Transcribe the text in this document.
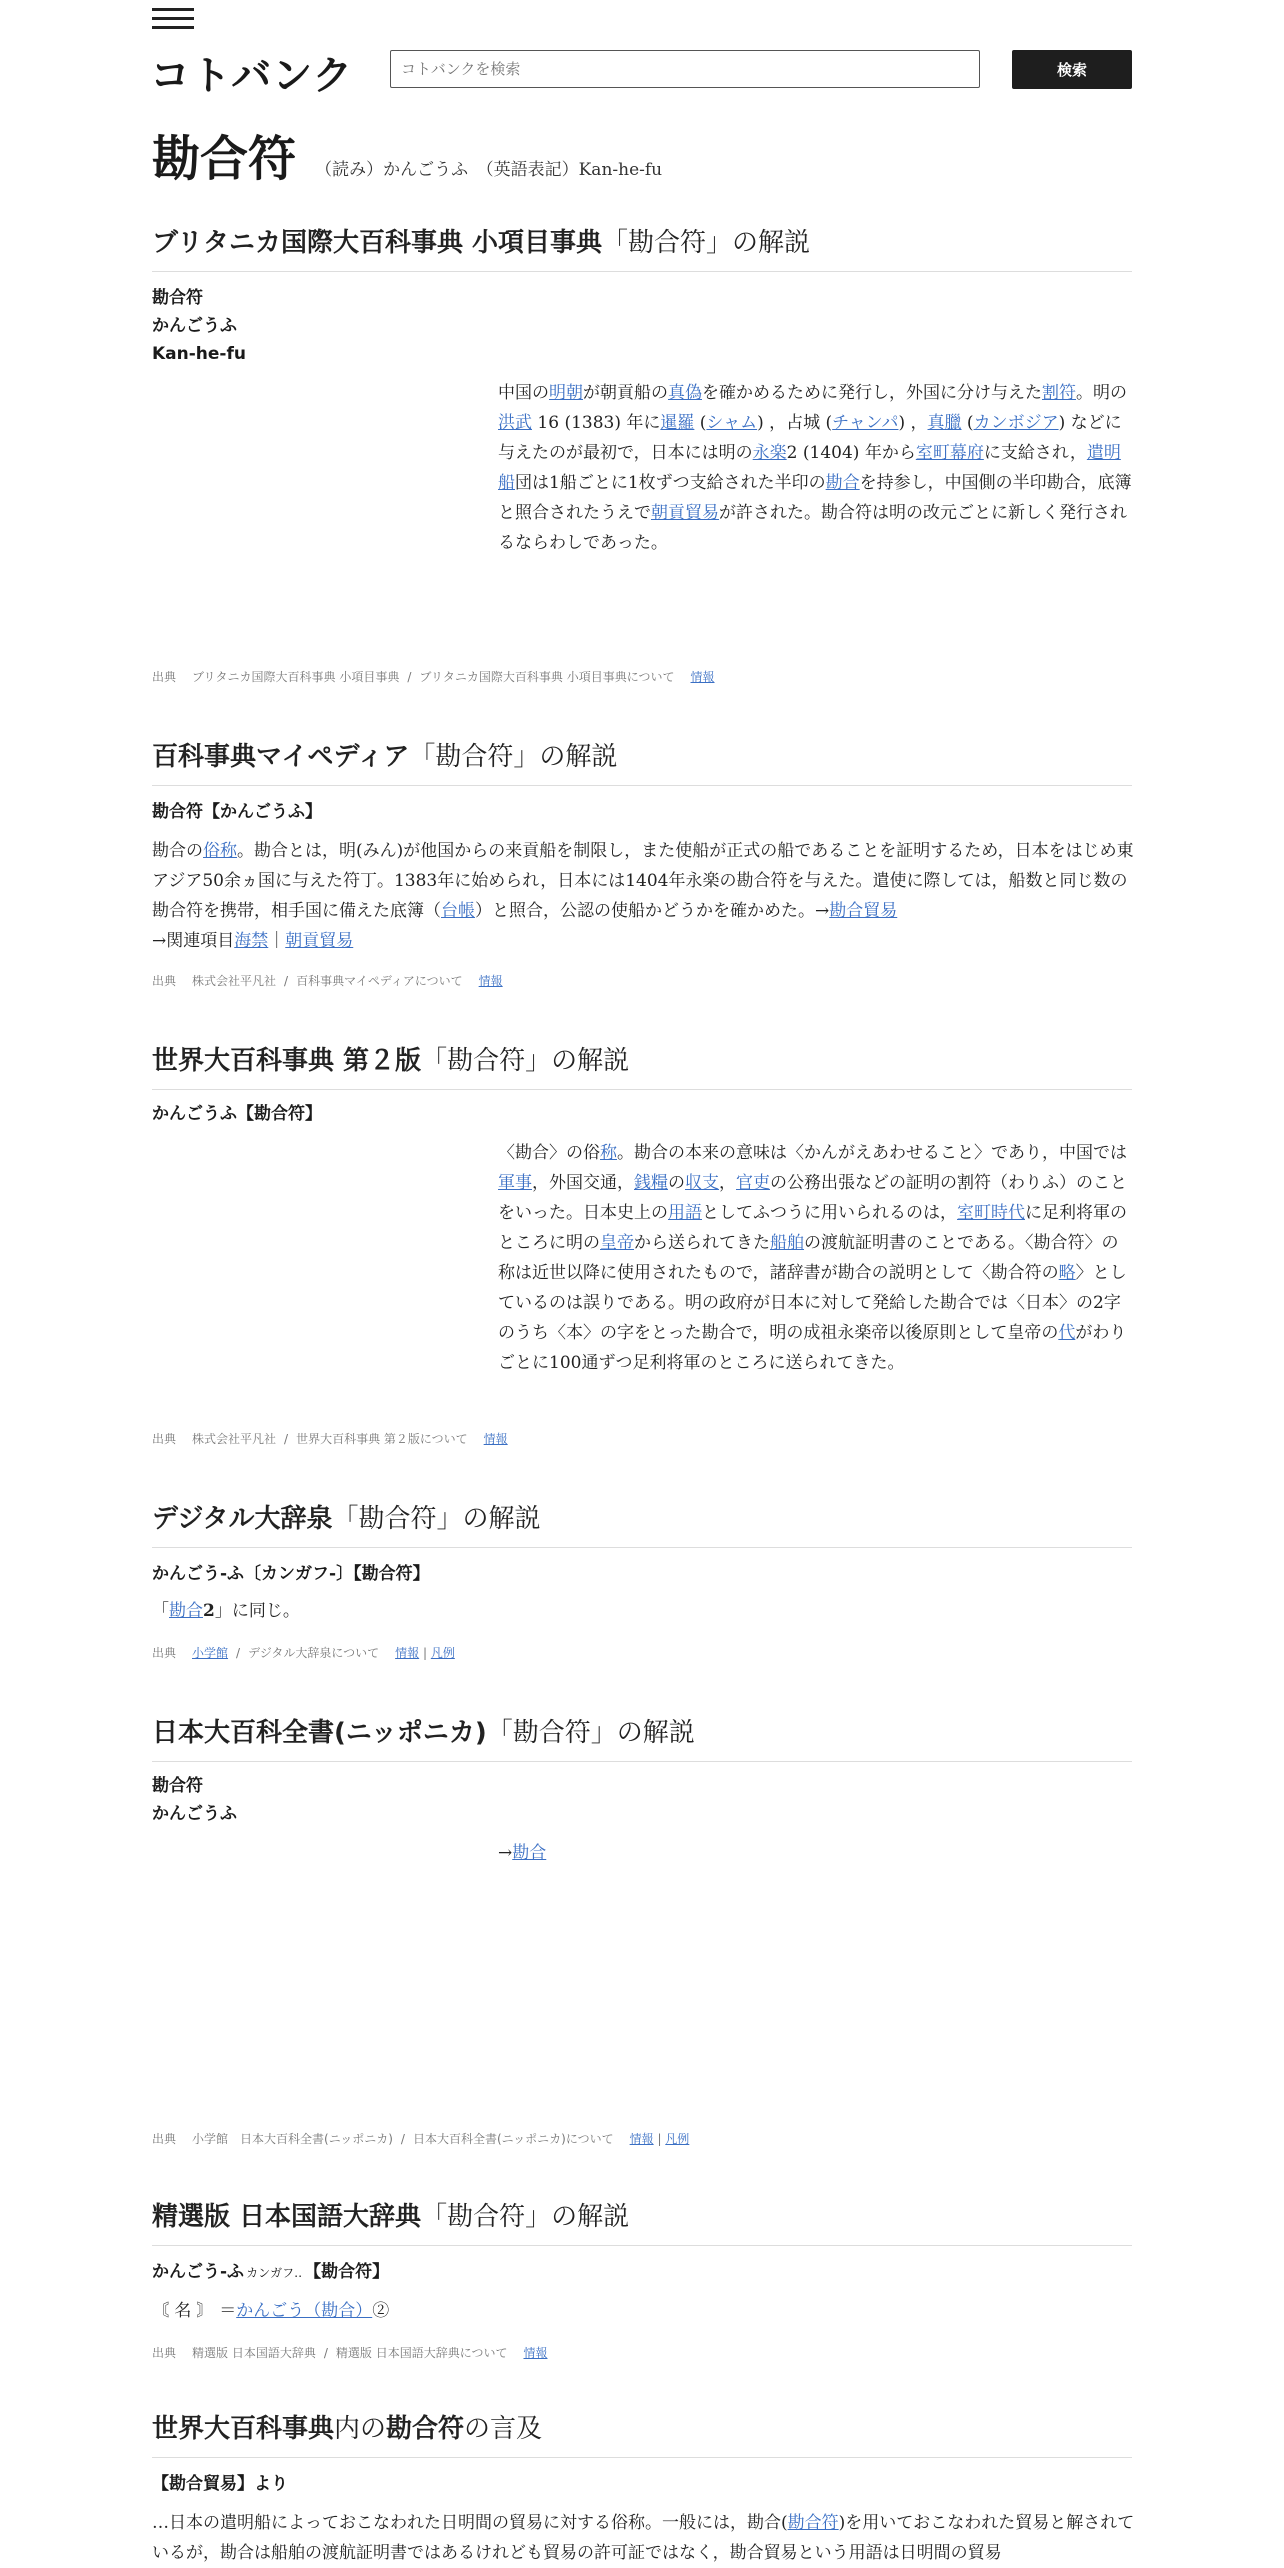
コトバンク
コトバンクを検索	検索
勘合符 （読み）かんごうふ　（英語表記）Kan-he-fu
ブリタニカ国際大百科事典 小項目事典「勘合符」の解説
勘合符
かんごうふ
Kan-he-fu
中国の明朝が朝貢船の真偽を確かめるために発行し，外国に分け与えた割符。明の洪武 16 (1383) 年に暹羅 (シャム) ，占城 (チャンパ) ，真臘 (カンボジア) などに与えたのが最初で，日本には明の永楽2 (1404) 年から室町幕府に支給され，遣明船団は1船ごとに1枚ずつ支給された半印の勘合を持参し，中国側の半印勘合，底簿と照合されたうえで朝貢貿易が許された。勘合符は明の改元ごとに新しく発行されるならわしであった。
出典 ブリタニカ国際大百科事典 小項目事典 / ブリタニカ国際大百科事典 小項目事典について 情報
百科事典マイペディア「勘合符」の解説
勘合符【かんごうふ】
勘合の俗称。勘合とは，明(みん)が他国からの来貢船を制限し，また使船が正式の船であることを証明するため，日本をはじめ東アジア50余ヵ国に与えた符丁。1383年に始められ，日本には1404年永楽の勘合符を与えた。遣使に際しては，船数と同じ数の勘合符を携帯，相手国に備えた底簿（台帳）と照合，公認の使船かどうかを確かめた。→勘合貿易
→関連項目海禁｜朝貢貿易
出典 株式会社平凡社 / 百科事典マイペディアについて 情報
世界大百科事典 第２版「勘合符」の解説
かんごうふ【勘合符】
〈勘合〉の俗称。勘合の本来の意味は〈かんがえあわせること〉であり，中国では軍事，外国交通，銭糧の収支，官吏の公務出張などの証明の割符（わりふ）のことをいった。日本史上の用語としてふつうに用いられるのは，室町時代に足利将軍のところに明の皇帝から送られてきた船舶の渡航証明書のことである。〈勘合符〉の称は近世以降に使用されたもので，諸辞書が勘合の説明として〈勘合符の略〉としているのは誤りである。明の政府が日本に対して発給した勘合では〈日本〉の2字のうち〈本〉の字をとった勘合で，明の成祖永楽帝以後原則として皇帝の代がわりごとに100通ずつ足利将軍のところに送られてきた。
出典 株式会社平凡社 / 世界大百科事典 第２版について 情報
デジタル大辞泉「勘合符」の解説
かんごう‐ふ〔カンガフ‐〕【勘合符】
「勘合2」に同じ。
出典 小学館 / デジタル大辞泉について 情報 | 凡例
日本大百科全書(ニッポニカ)「勘合符」の解説
勘合符
かんごうふ
→勘合
出典 小学館　日本大百科全書(ニッポニカ) / 日本大百科全書(ニッポニカ)について 情報 | 凡例
精選版 日本国語大辞典「勘合符」の解説
かんごう‐ふ カンガフ‥ 【勘合符】
〘 名 〙 ＝かんごう（勘合）②
出典 精選版 日本国語大辞典 / 精選版 日本国語大辞典について 情報
世界大百科事典内の勘合符の言及
【勘合貿易】より
…日本の遣明船によっておこなわれた日明間の貿易に対する俗称。一般には，勘合(勘合符)を用いておこなわれた貿易と解されているが，勘合は船舶の渡航証明書ではあるけれども貿易の許可証ではなく，勘合貿易という用語は日明間の貿易
